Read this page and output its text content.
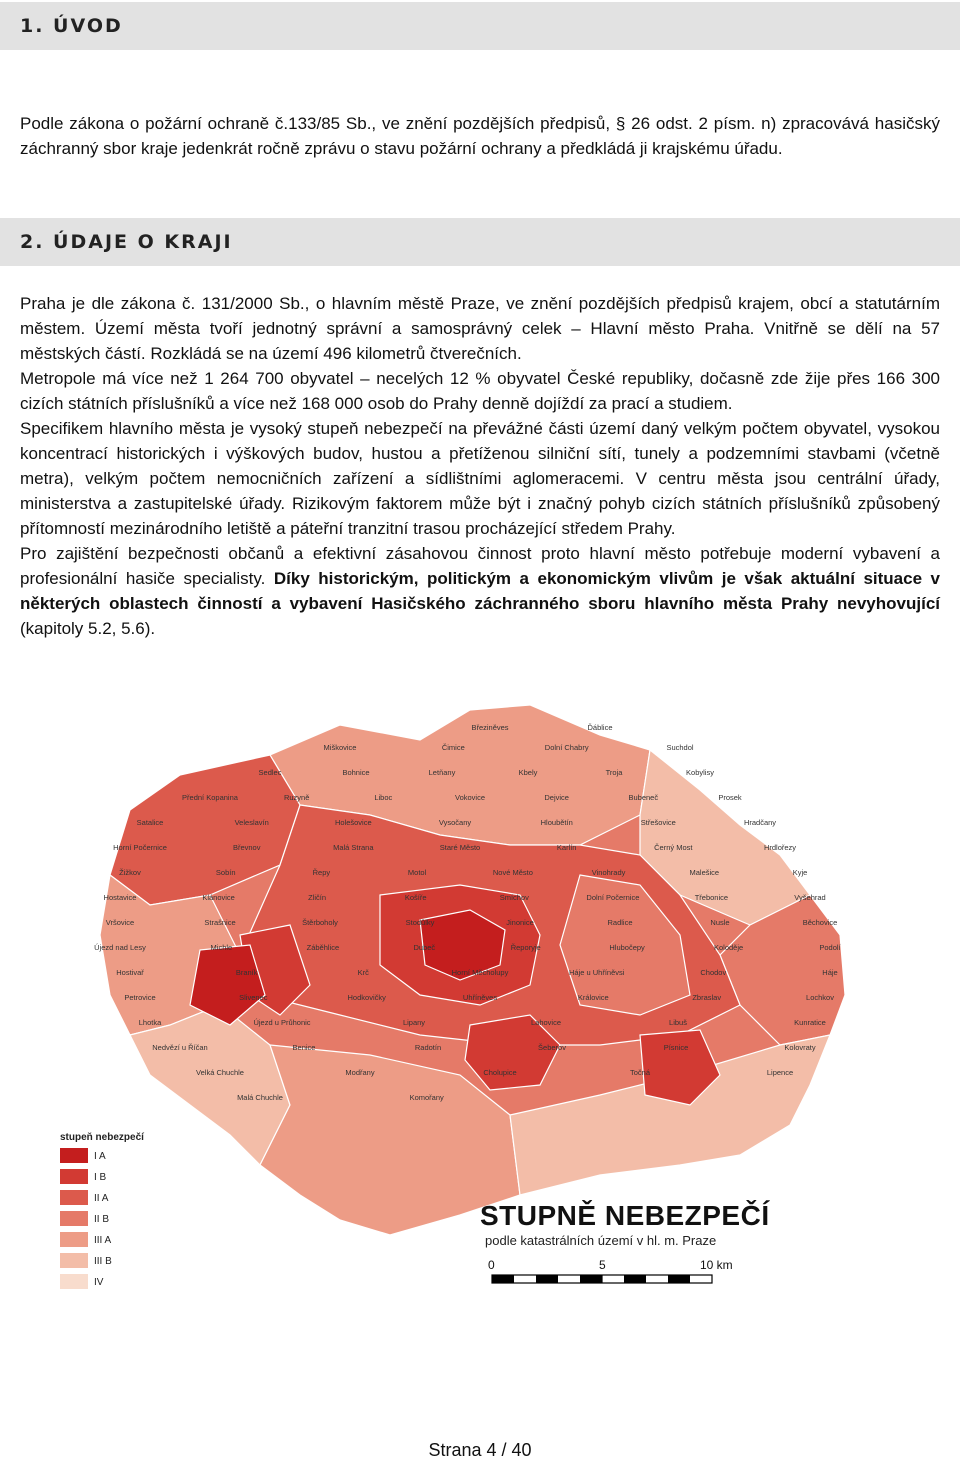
1. ÚVOD

Podle zákona o požární ochraně č.133/85 Sb., ve znění pozdějších předpisů, § 26 odst. 2 písm. n) zpracovává hasičský záchranný sbor kraje jedenkrát ročně zprávu o stavu požární ochrany a předkládá ji krajskému úřadu.

2. ÚDAJE O KRAJI
Praha je dle zákona č. 131/2000 Sb., o hlavním městě Praze, ve znění pozdějších předpisů krajem, obcí a statutárním městem. Území města tvoří jednotný správní a samosprávný celek – Hlavní město Praha. Vnitřně se dělí na 57 městských částí. Rozkládá se na území 496 kilometrů čtverečních.
Metropole má více než 1 264 700 obyvatel – necelých 12 % obyvatel České republiky, dočasně zde žije přes 166 300 cizích státních příslušníků a více než 168 000 osob do Prahy denně dojíždí za prací a studiem.
Specifikem hlavního města je vysoký stupeň nebezpečí na převážné části území daný velkým počtem obyvatel, vysokou koncentrací historických i výškových budov, hustou a přetíženou silniční sítí, tunely a podzemními stavbami (včetně metra), velkým počtem nemocničních zařízení a sídlištními aglomeracemi. V centru města jsou centrální úřady, ministerstva a zastupitelské úřady. Rizikovým faktorem může být i značný pohyb cizích státních příslušníků způsobený přítomností mezinárodního letiště a páteřní tranzitní trasou procházející středem Prahy.
Pro zajištění bezpečnosti občanů a efektivní zásahovou činnost proto hlavní město potřebuje moderní vybavení a profesionální hasiče specialisty. Díky historickým, politickým a ekonomickým vlivům je však aktuální situace v některých oblastech činností a vybavení Hasičského záchranného sboru hlavního města Prahy nevyhovující (kapitoly 5.2, 5.6).
Březiněves	Ďáblice
Miškovice	Čimice	Dolní Chabry	Suchdol
Sedlec	Bohnice	Letňany	Kbely	Troja	Kobylisy
Přední Kopanina	Ruzyně	Liboc	Vokovice	Dejvice	Bubeneč	Prosek
Satalice	Veleslavín	Holešovice	Vysočany	Hloubětín	Střešovice	Hradčany
Horní Počernice	Břevnov	Malá Strana	Staré Město	Karlín	Černý Most	Hrdlořezy
Žižkov	Sobín	Řepy	Motol	Nové Město	Vinohrady	Malešice	Kyje
Hostavice	Klánovice	Zličín	Košíře	Smíchov	Dolní Počernice	Třebonice	Vyšehrad
Vršovice	Strašnice	Štěrboholy	Stodůlky	Jinonice	Radlice	Nusle	Běchovice
Újezd nad Lesy	Michle	Záběhlice	Dubeč	Řeporyje	Hlubočepy	Koloděje	Podolí
Hostivař	Braník	Krč	Horní Měcholupy	Háje u Uhříněvsi	Chodov	Háje
Petrovice	Slivenec	Hodkovičky	Uhříněves	Královice	Zbraslav	Lochkov
Lhotka	Újezd u Průhonic	Lipany	Lahovice	Libuš	Kunratice
Nedvězí u Říčan	Benice	Radotín	Šeberov	Písnice	Kolovraty
Velká Chuchle	Modřany	Cholupice	Točná	Lipence
Malá Chuchle	Komořany
stupeň nebezpečí
I A
I B
II A
II B
III A
III B
IV
STUPNĚ NEBEZPEČÍ
podle katastrálních území v hl. m. Praze
0	5	10 km
Strana 4 / 40
